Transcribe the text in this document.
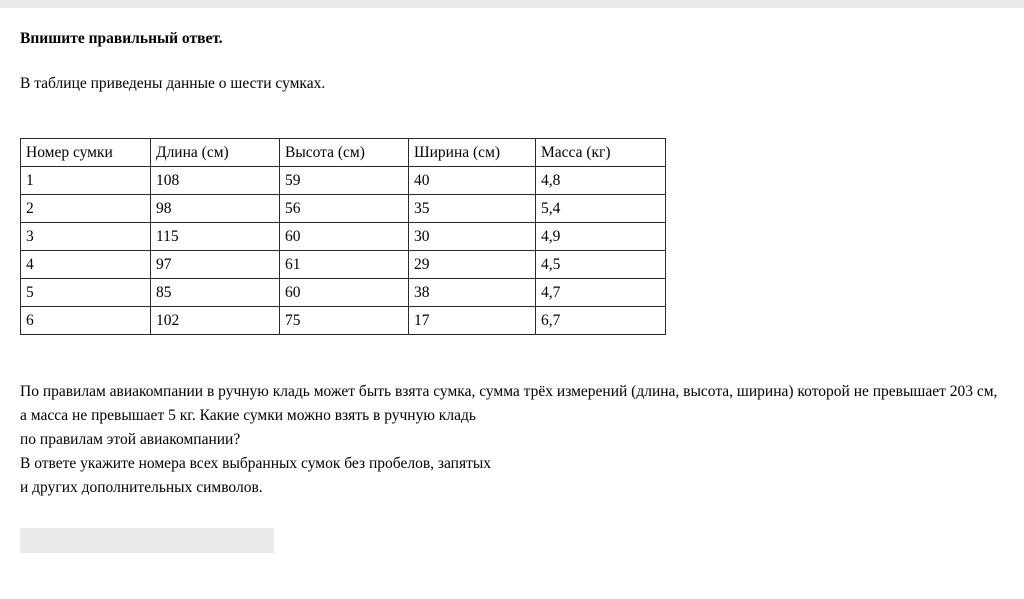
Впишите правильный ответ.
В таблице приведены данные о шести сумках.
Номер сумки	Длина (см)	Высота (см)	Ширина (см)	Масса (кг)
1	108	59	40	4,8
2	98	56	35	5,4
3	115	60	30	4,9
4	97	61	29	4,5
5	85	60	38	4,7
6	102	75	17	6,7

По правилам авиакомпании в ручную кладь может быть взята сумка, сумма трёх измерений (длина, высота, ширина) которой не превышает 203 см,

а масса не превышает 5 кг. Какие сумки можно взять в ручную кладь

по правилам этой авиакомпании?

В ответе укажите номера всех выбранных сумок без пробелов, запятых

и других дополнительных символов.
